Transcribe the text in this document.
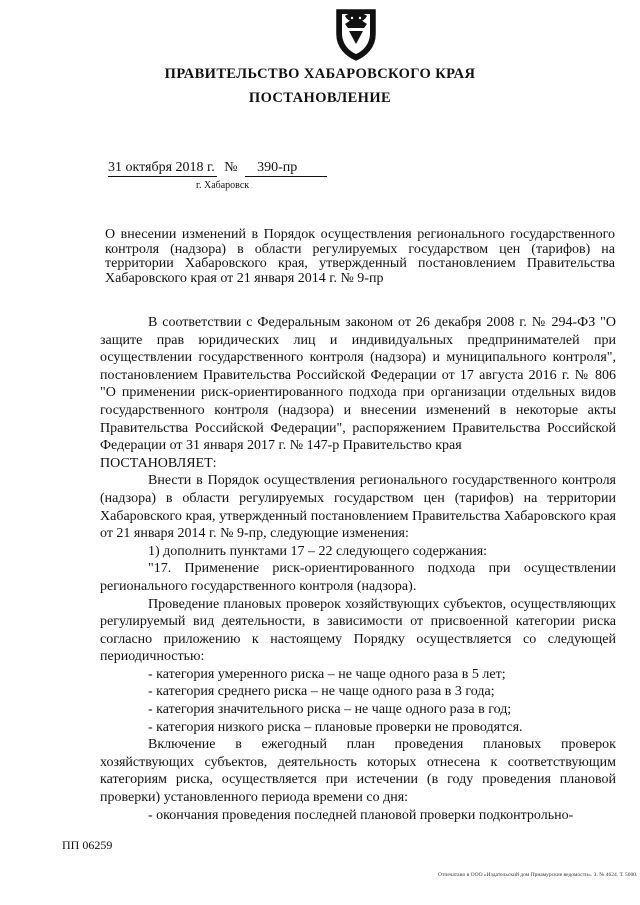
ПРАВИТЕЛЬСТВО ХАБАРОВСКОГО КРАЯ
ПОСТАНОВЛЕНИЕ
31 октября 2018 г. № 390-пр
г. Хабаровск
О внесении изменений в Порядок осуществления регионального государственного контроля (надзора) в области регулируемых государством цен (тарифов) на территории Хабаровского края, утвержденный постановлением Правительства Хабаровского края от 21 января 2014 г. № 9-пр

В соответствии с Федеральным законом от 26 декабря 2008 г. № 294-ФЗ "О защите прав юридических лиц и индивидуальных предпринимателей при осуществлении государственного контроля (надзора) и муниципального контроля", постановлением Правительства Российской Федерации от 17 августа 2016 г. № 806 "О применении риск-ориентированного подхода при организации отдельных видов государственного контроля (надзора) и внесении изменений в некоторые акты Правительства Российской Федерации", распоряжением Правительства Российской Федерации от 31 января 2017 г. № 147-р Правительство края

ПОСТАНОВЛЯЕТ:

Внести в Порядок осуществления регионального государственного контроля (надзора) в области регулируемых государством цен (тарифов) на территории Хабаровского края, утвержденный постановлением Правительства Хабаровского края от 21 января 2014 г. № 9-пр, следующие изменения:

1) дополнить пунктами 17 – 22 следующего содержания:

"17. Применение риск-ориентированного подхода при осуществлении регионального государственного контроля (надзора).

Проведение плановых проверок хозяйствующих субъектов, осуществляющих регулируемый вид деятельности, в зависимости от присвоенной категории риска согласно приложению к настоящему Порядку осуществляется со следующей периодичностью:

- категория умеренного риска – не чаще одного раза в 5 лет;

- категория среднего риска – не чаще одного раза в 3 года;

- категория значительного риска – не чаще одного раза в год;

- категория низкого риска – плановые проверки не проводятся.

Включение в ежегодный план проведения плановых проверок хозяйствующих субъектов, деятельность которых отнесена к соответствующим категориям риска, осуществляется при истечении (в году проведения плановой проверки) установленного периода времени со дня:

- окончания проведения последней плановой проверки подконтрольно-

ПП 06259
Отпечатано в ООО «Издательский дом Приамурские ведомости». З. № 4624. Т. 5000.
